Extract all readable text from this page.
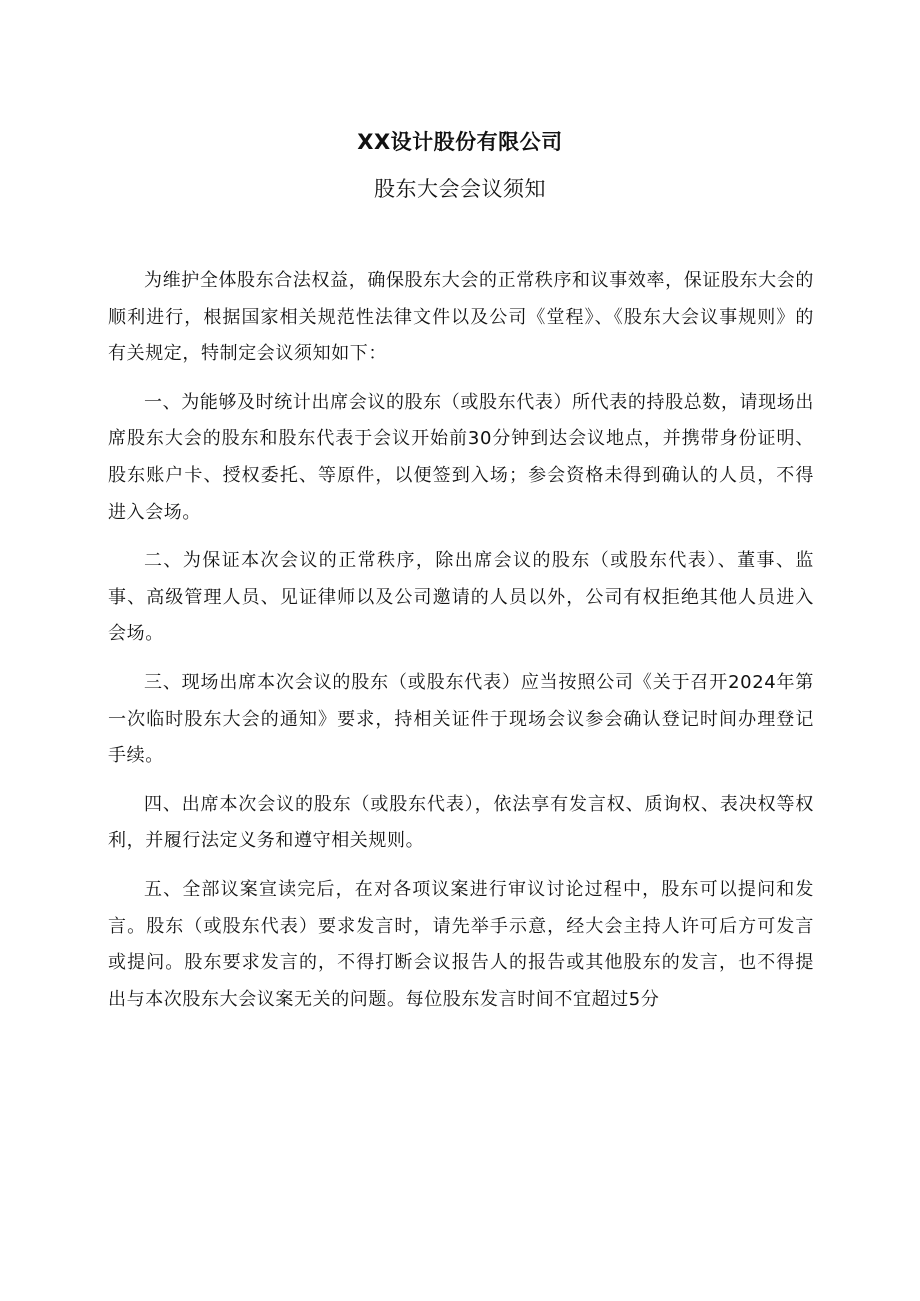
XX设计股份有限公司
股东大会会议须知

为维护全体股东合法权益，确保股东大会的正常秩序和议事效率，保证股东大会的顺利进行，根据国家相关规范性法律文件以及公司《堂程》、《股东大会议事规则》的有关规定，特制定会议须知如下：

一、为能够及时统计出席会议的股东（或股东代表）所代表的持股总数，请现场出席股东大会的股东和股东代表于会议开始前30分钟到达会议地点，并携带身份证明、股东账户卡、授权委托、等原件，以便签到入场；参会资格未得到确认的人员，不得进入会场。

二、为保证本次会议的正常秩序，除出席会议的股东（或股东代表）、董事、监事、高级管理人员、见证律师以及公司邀请的人员以外，公司有权拒绝其他人员进入会场。

三、现场出席本次会议的股东（或股东代表）应当按照公司《关于召开2024年第一次临时股东大会的通知》要求，持相关证件于现场会议参会确认登记时间办理登记手续。

四、出席本次会议的股东（或股东代表），依法享有发言权、质询权、表决权等权利，并履行法定义务和遵守相关规则。

五、全部议案宣读完后，在对各项议案进行审议讨论过程中，股东可以提问和发言。股东（或股东代表）要求发言时，请先举手示意，经大会主持人许可后方可发言或提问。股东要求发言的，不得打断会议报告人的报告或其他股东的发言，也不得提出与本次股东大会议案无关的问题。每位股东发言时间不宜超过5分
